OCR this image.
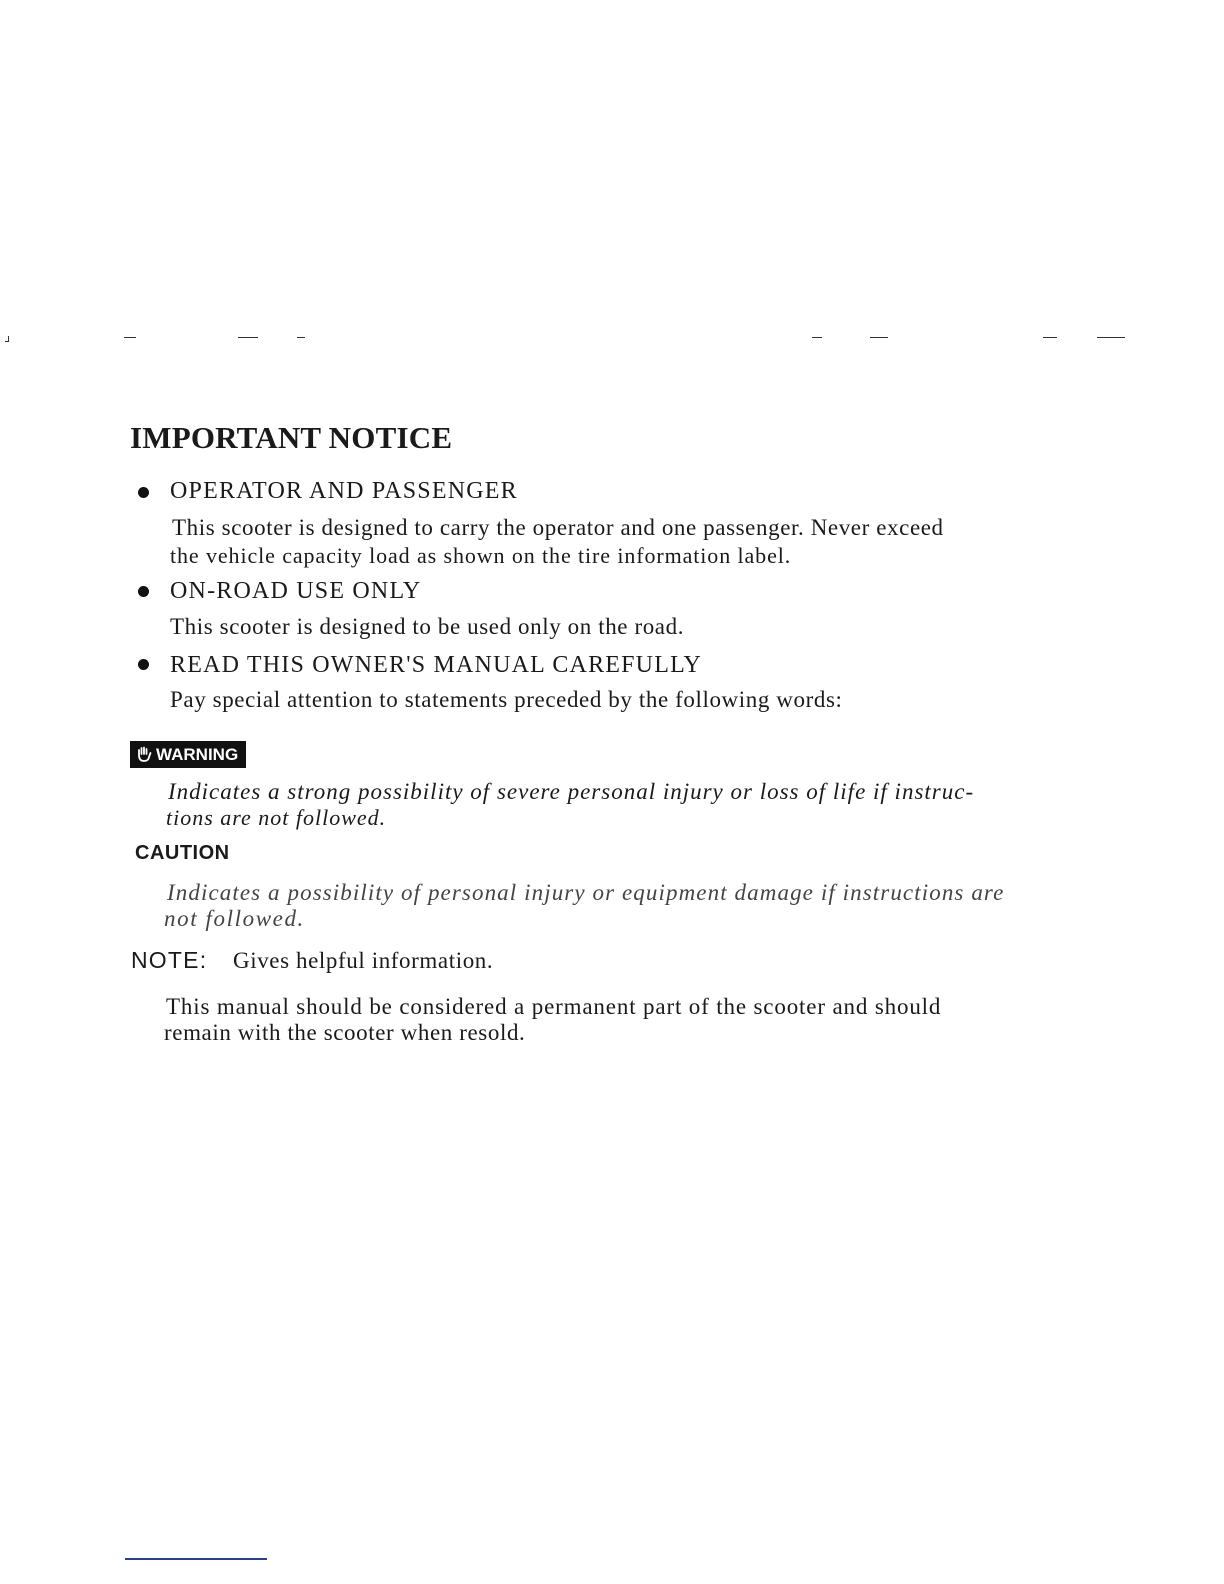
IMPORTANT NOTICE
OPERATOR AND PASSENGER
This scooter is designed to carry the operator and one passenger. Never exceed
the vehicle capacity load as shown on the tire information label.
ON-ROAD USE ONLY
This scooter is designed to be used only on the road.
READ THIS OWNER'S MANUAL CAREFULLY
Pay special attention to statements preceded by the following words:
WARNING
Indicates a strong possibility of severe personal injury or loss of life if instruc-
tions are not followed.
CAUTION
Indicates a possibility of personal injury or equipment damage if instructions are
not followed.
NOTE: Gives helpful information.
This manual should be considered a permanent part of the scooter and should
remain with the scooter when resold.
